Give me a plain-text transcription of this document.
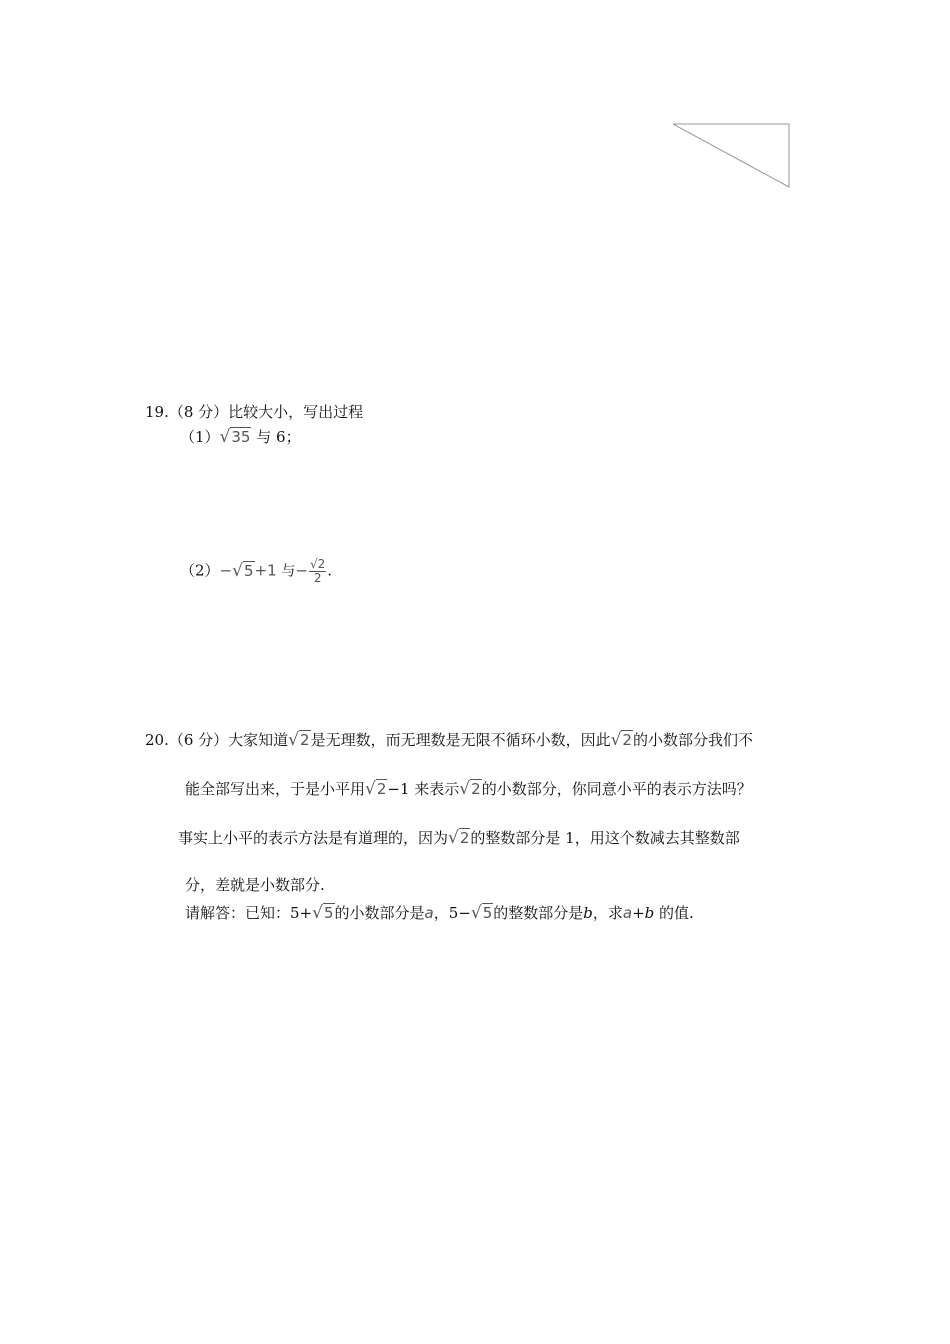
19.（8 分）比较大小，写出过程
（1）√35 与 6；
（2）−√5+1 与− $\frac{√2}{2}$ .
20.（6 分）大家知道√2是无理数，而无理数是无限不循环小数，因此√2的小数部分我们不
能全部写出来，于是小平用√2−1 来表示√2的小数部分，你同意小平的表示方法吗？
事实上小平的表示方法是有道理的，因为√2的整数部分是 1，用这个数减去其整数部
分，差就是小数部分.
请解答：已知：5+√5的小数部分是a，5−√5的整数部分是b，求a+b 的值.
